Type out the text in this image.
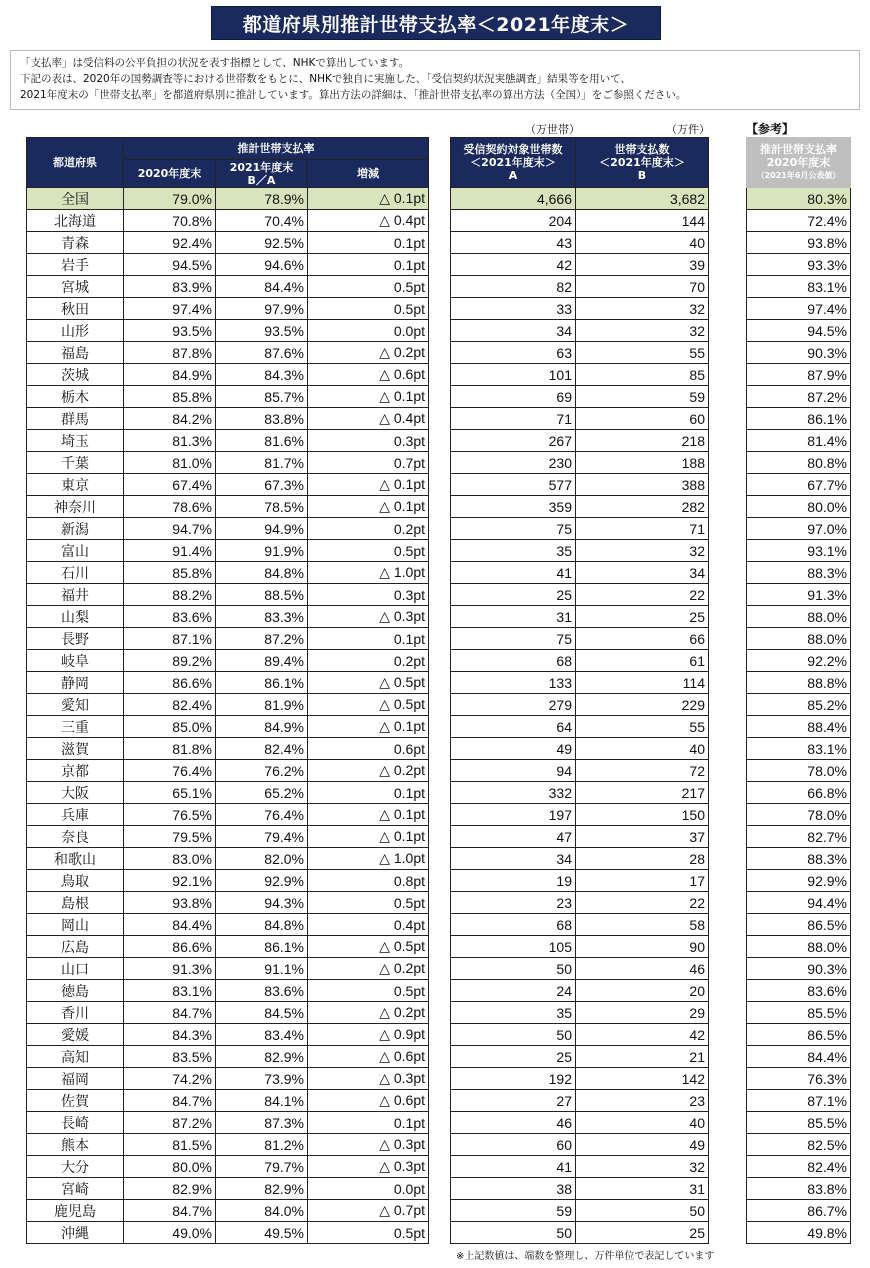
都道府県別推計世帯支払率＜2021年度末＞
「支払率」は受信料の公平負担の状況を表す指標として、NHKで算出しています。
下記の表は、2020年の国勢調査等における世帯数をもとに、NHKで独自に実施した、「受信契約状況実態調査」結果等を用いて、
2021年度末の「世帯支払率」を都道府県別に推計しています。算出方法の詳細は、「推計世帯支払率の算出方法（全国）」をご参照ください。
（万世帯）	（万件）	【参考】
都道府県	推計世帯支払率		
	2020年度末	2021年度末
B／A	増減
全国	79.0%	78.9%	△ 0.1pt
北海道	70.8%	70.4%	△ 0.4pt
青森	92.4%	92.5%	0.1pt
岩手	94.5%	94.6%	0.1pt
宮城	83.9%	84.4%	0.5pt
秋田	97.4%	97.9%	0.5pt
山形	93.5%	93.5%	0.0pt
福島	87.8%	87.6%	△ 0.2pt
茨城	84.9%	84.3%	△ 0.6pt
栃木	85.8%	85.7%	△ 0.1pt
群馬	84.2%	83.8%	△ 0.4pt
埼玉	81.3%	81.6%	0.3pt
千葉	81.0%	81.7%	0.7pt
東京	67.4%	67.3%	△ 0.1pt
神奈川	78.6%	78.5%	△ 0.1pt
新潟	94.7%	94.9%	0.2pt
富山	91.4%	91.9%	0.5pt
石川	85.8%	84.8%	△ 1.0pt
福井	88.2%	88.5%	0.3pt
山梨	83.6%	83.3%	△ 0.3pt
長野	87.1%	87.2%	0.1pt
岐阜	89.2%	89.4%	0.2pt
静岡	86.6%	86.1%	△ 0.5pt
愛知	82.4%	81.9%	△ 0.5pt
三重	85.0%	84.9%	△ 0.1pt
滋賀	81.8%	82.4%	0.6pt
京都	76.4%	76.2%	△ 0.2pt
大阪	65.1%	65.2%	0.1pt
兵庫	76.5%	76.4%	△ 0.1pt
奈良	79.5%	79.4%	△ 0.1pt
和歌山	83.0%	82.0%	△ 1.0pt
鳥取	92.1%	92.9%	0.8pt
島根	93.8%	94.3%	0.5pt
岡山	84.4%	84.8%	0.4pt
広島	86.6%	86.1%	△ 0.5pt
山口	91.3%	91.1%	△ 0.2pt
徳島	83.1%	83.6%	0.5pt
香川	84.7%	84.5%	△ 0.2pt
愛媛	84.3%	83.4%	△ 0.9pt
高知	83.5%	82.9%	△ 0.6pt
福岡	74.2%	73.9%	△ 0.3pt
佐賀	84.7%	84.1%	△ 0.6pt
長崎	87.2%	87.3%	0.1pt
熊本	81.5%	81.2%	△ 0.3pt
大分	80.0%	79.7%	△ 0.3pt
宮崎	82.9%	82.9%	0.0pt
鹿児島	84.7%	84.0%	△ 0.7pt
沖縄	49.0%	49.5%	0.5pt
受信契約対象世帯数
＜2021年度末＞
A

世帯支払数
＜2021年度末＞
B

4,666	3,682
204	144
43	40
42	39
82	70
33	32
34	32
63	55
101	85
69	59
71	60
267	218
230	188
577	388
359	282
75	71
35	32
41	34
25	22
31	25
75	66
68	61
133	114
279	229
64	55
49	40
94	72
332	217
197	150
47	37
34	28
19	17
23	22
68	58
105	90
50	46
24	20
35	29
50	42
25	21
192	142
27	23
46	40
60	49
41	32
38	31
59	50
50	25
推計世帯支払率
2020年度末
（2021年6月公表値）

80.3%
72.4%
93.8%
93.3%
83.1%
97.4%
94.5%
90.3%
87.9%
87.2%
86.1%
81.4%
80.8%
67.7%
80.0%
97.0%
93.1%
88.3%
91.3%
88.0%
88.0%
92.2%
88.8%
85.2%
88.4%
83.1%
78.0%
66.8%
78.0%
82.7%
88.3%
92.9%
94.4%
86.5%
88.0%
90.3%
83.6%
85.5%
86.5%
84.4%
76.3%
87.1%
85.5%
82.5%
82.4%
83.8%
86.7%
49.8%
※上記数値は、端数を整理し、万件単位で表記しています
